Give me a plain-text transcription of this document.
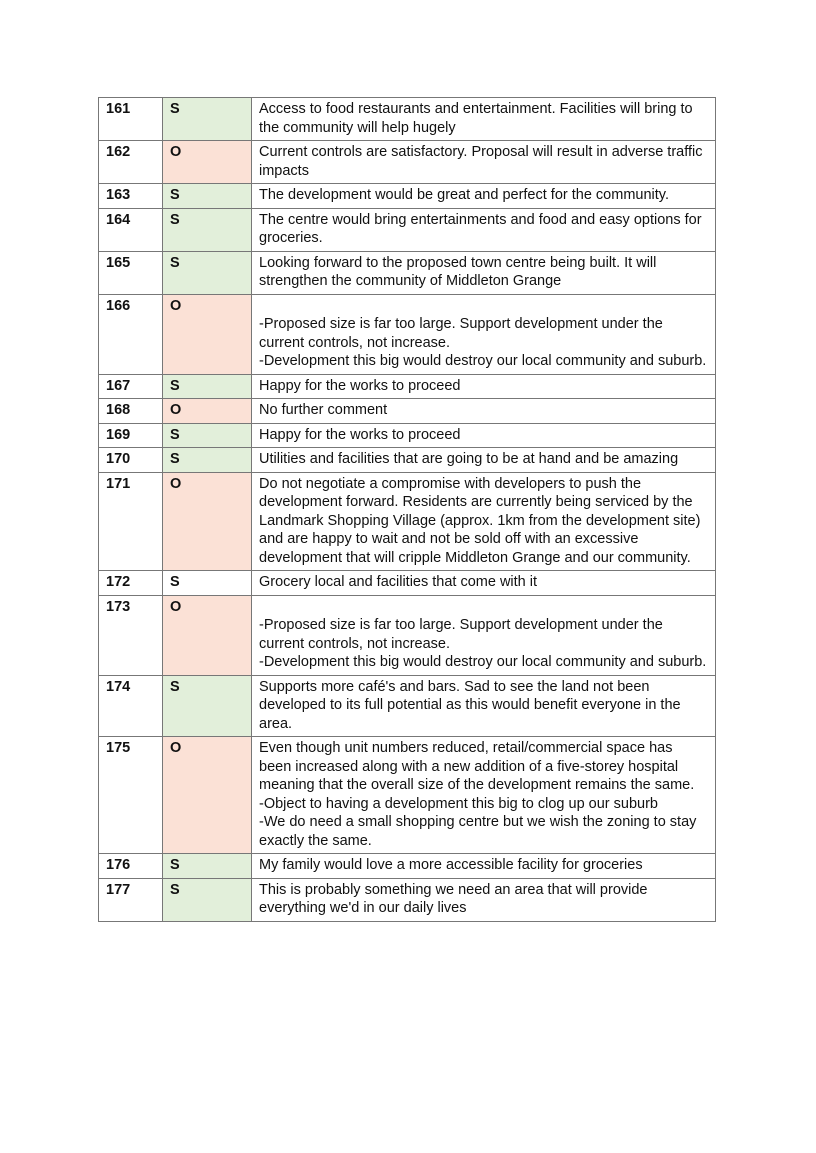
161	S	Access to food restaurants and entertainment. Facilities will bring to the community will help hugely

162	O	Current controls are satisfactory. Proposal will result in adverse traffic impacts

163	S	The development would be great and perfect for the community.

164	S	The centre would bring entertainments and food and easy options for groceries.

165	S	Looking forward to the proposed town centre being built. It will strengthen the community of Middleton Grange

166	O	-Proposed size is far too large. Support development under the current controls, not increase.
-Development this big would destroy our local community and suburb.

167	S	Happy for the works to proceed

168	O	No further comment

169	S	Happy for the works to proceed

170	S	Utilities and facilities that are going to be at hand and be amazing

171	O	Do not negotiate a compromise with developers to push the development forward. Residents are currently being serviced by the Landmark Shopping Village (approx. 1km from the development site) and are happy to wait and not be sold off with an excessive development that will cripple Middleton Grange and our community.

172	S	Grocery local and facilities that come with it

173	O	-Proposed size is far too large. Support development under the current controls, not increase.
-Development this big would destroy our local community and suburb.

174	S	Supports more café's and bars. Sad to see the land not been developed to its full potential as this would benefit everyone in the area.

175	O	Even though unit numbers reduced, retail/commercial space has been increased along with a new addition of a five-storey hospital meaning that the overall size of the development remains the same.
-Object to having a development this big to clog up our suburb
-We do need a small shopping centre but we wish the zoning to stay exactly the same.

176	S	My family would love a more accessible facility for groceries

177	S	This is probably something we need an area that will provide everything we'd in our daily lives
